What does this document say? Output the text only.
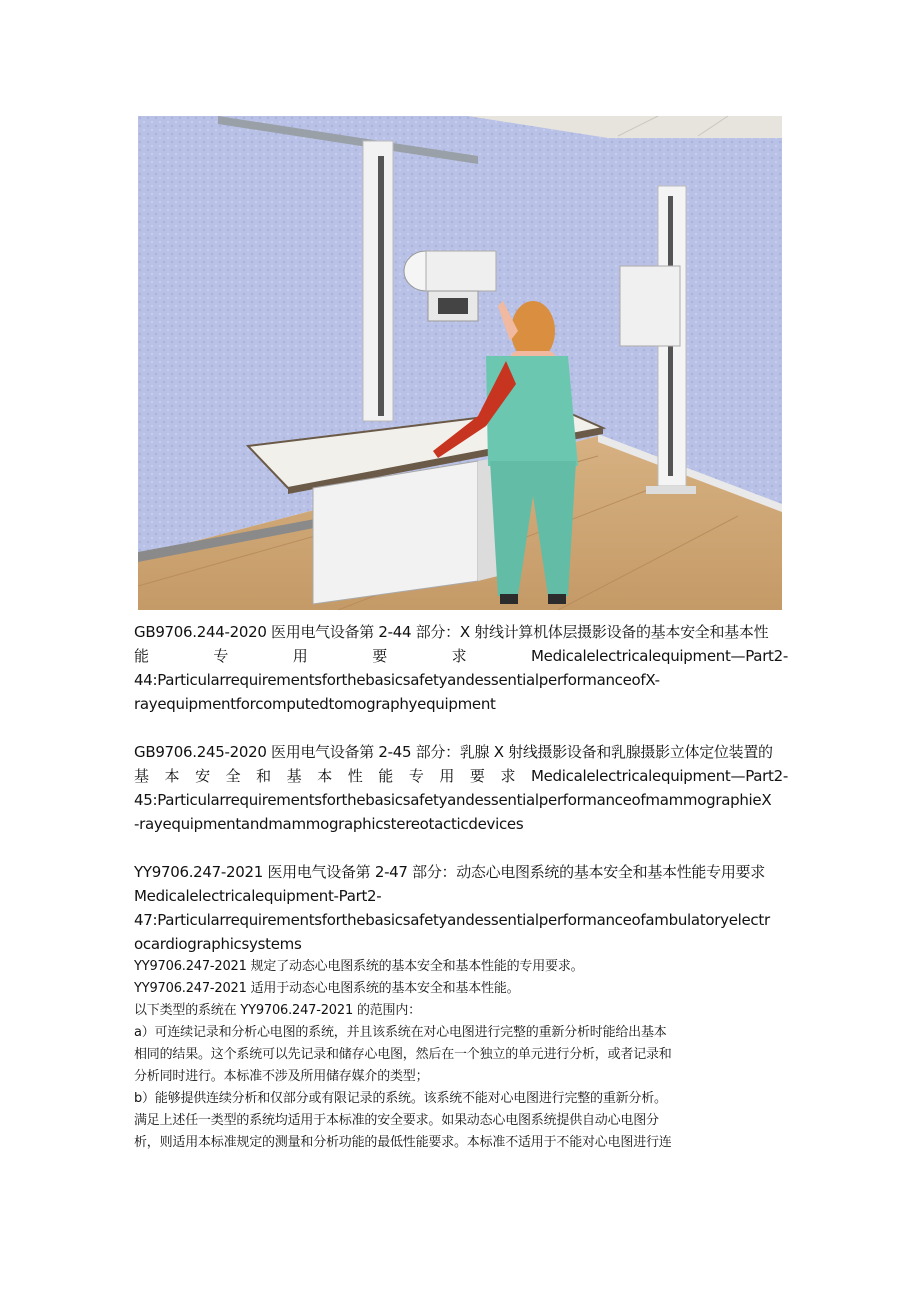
GB9706.244-2020 医用电气设备第 2-44 部分：X 射线计算机体层摄影设备的基本安全和基本性
能 专 用 要 求 Medicalelectricalequipment—Part2-
44:ParticularrequirementsforthebasicsafetyandessentialperformanceofX-
rayequipmentforcomputedtomographyequipment
GB9706.245-2020 医用电气设备第 2-45 部分：乳腺 X 射线摄影设备和乳腺摄影立体定位装置的
基 本 安 全 和 基 本 性 能 专 用 要 求 Medicalelectricalequipment—Part2-
45:ParticularrequirementsforthebasicsafetyandessentialperformanceofmammographieX
-rayequipmentandmammographicstereotacticdevices
YY9706.247-2021 医用电气设备第 2-47 部分：动态心电图系统的基本安全和基本性能专用要求
Medicalelectricalequipment-Part2-
47:Particularrequirementsforthebasicsafetyandessentialperformanceofambulatoryelectr
ocardiographicsystems
YY9706.247-2021 规定了动态心电图系统的基本安全和基本性能的专用要求。
YY9706.247-2021 适用于动态心电图系统的基本安全和基本性能。
以下类型的系统在 YY9706.247-2021 的范围内：
a）可连续记录和分析心电图的系统，并且该系统在对心电图进行完整的重新分析时能给出基本
相同的结果。这个系统可以先记录和储存心电图，然后在一个独立的单元进行分析，或者记录和
分析同时进行。本标准不涉及所用储存媒介的类型；
b）能够提供连续分析和仅部分或有限记录的系统。该系统不能对心电图进行完整的重新分析。
满足上述任一类型的系统均适用于本标准的安全要求。如果动态心电图系统提供自动心电图分
析，则适用本标准规定的测量和分析功能的最低性能要求。本标准不适用于不能对心电图进行连
